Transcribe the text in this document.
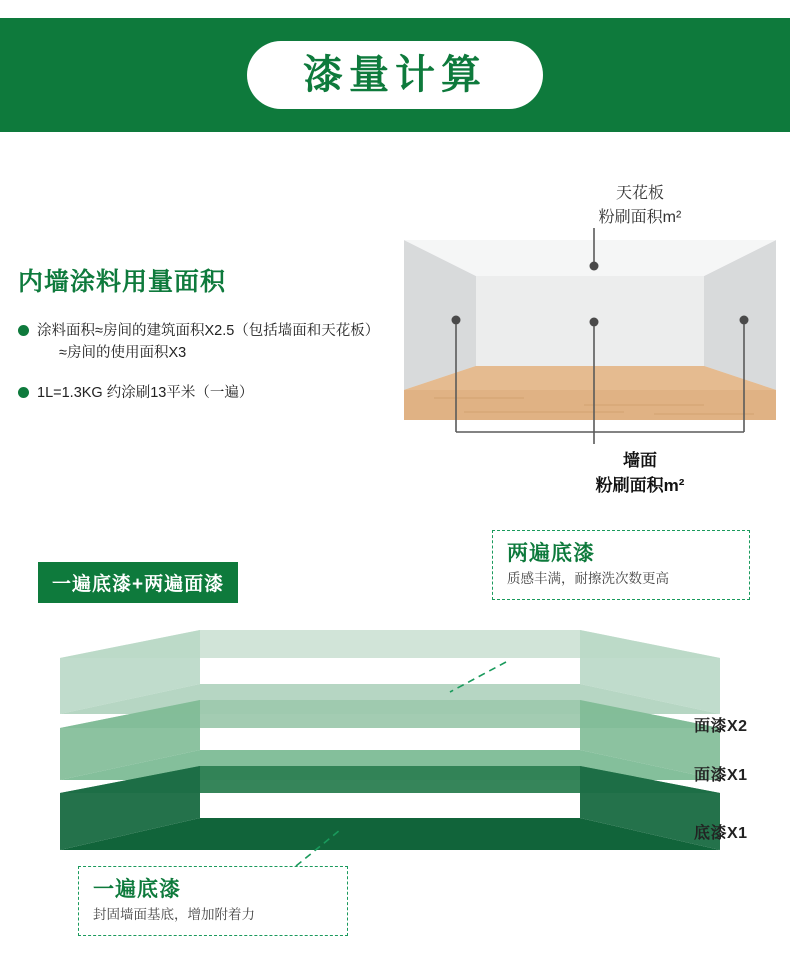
漆量计算
内墙涂料用量面积
涂料面积≈房间的建筑面积X2.5（包括墙面和天花板）
≈房间的使用面积X3
1L=1.3KG 约涂刷13平米（一遍）
天花板
粉刷面积m²
墙面
粉刷面积m²
一遍底漆+两遍面漆
两遍底漆
质感丰满，耐擦洗次数更高
一遍底漆
封固墙面基底，增加附着力
面漆X2
面漆X1
底漆X1
